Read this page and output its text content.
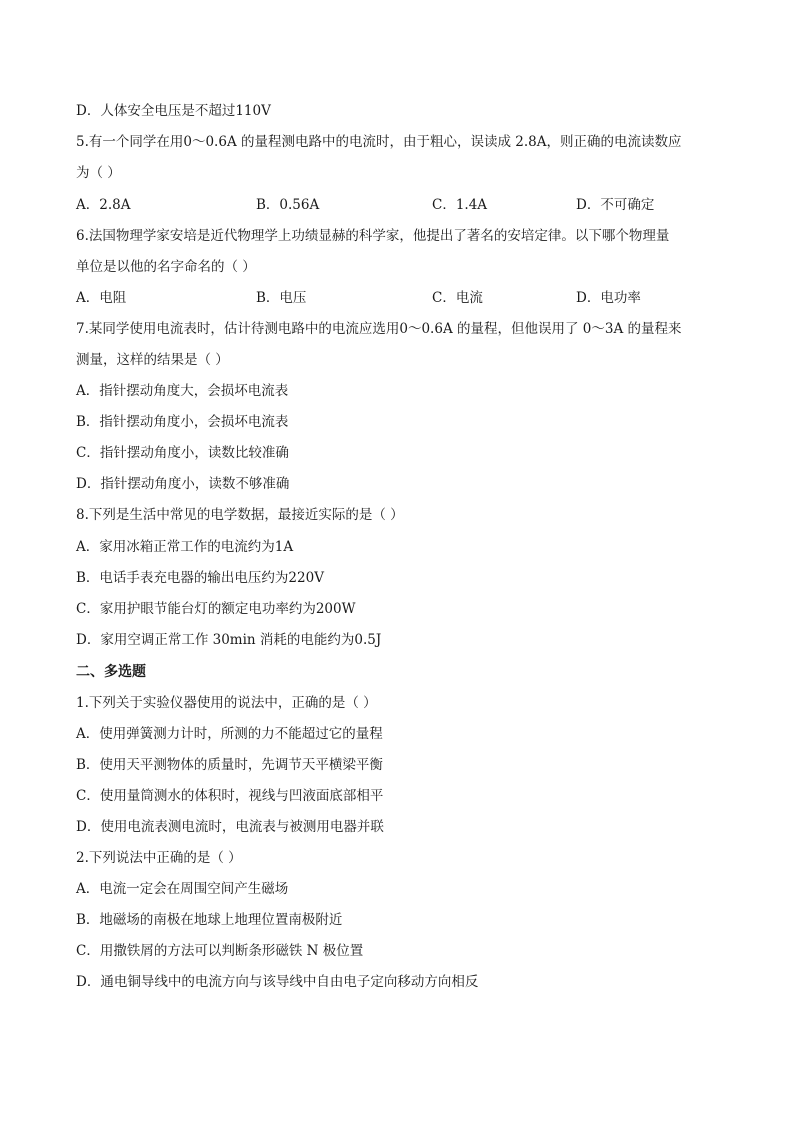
D．人体安全电压是不超过110V
5.有一个同学在用0～0.6A 的量程测电路中的电流时，由于粗心，误读成 2.8A，则正确的电流读数应
为（ ）
A．2.8A	B．0.56A	C．1.4A	D．不可确定
6.法国物理学家安培是近代物理学上功绩显赫的科学家，他提出了著名的安培定律。以下哪个物理量
单位是以他的名字命名的（ ）
A．电阻	B．电压	C．电流	D．电功率
7.某同学使用电流表时，估计待测电路中的电流应选用0～0.6A 的量程，但他误用了 0～3A 的量程来
测量，这样的结果是（ ）
A．指针摆动角度大，会损坏电流表
B．指针摆动角度小，会损坏电流表
C．指针摆动角度小，读数比较准确
D．指针摆动角度小，读数不够准确
8.下列是生活中常见的电学数据，最接近实际的是（ ）
A．家用冰箱正常工作的电流约为1A
B．电话手表充电器的输出电压约为220V
C．家用护眼节能台灯的额定电功率约为200W
D．家用空调正常工作 30min 消耗的电能约为0.5J
二、多选题
1.下列关于实验仪器使用的说法中，正确的是（ ）
A．使用弹簧测力计时，所测的力不能超过它的量程
B．使用天平测物体的质量时，先调节天平横梁平衡
C．使用量筒测水的体积时，视线与凹液面底部相平
D．使用电流表测电流时，电流表与被测用电器并联
2.下列说法中正确的是（ ）
A．电流一定会在周围空间产生磁场
B．地磁场的南极在地球上地理位置南极附近
C．用撒铁屑的方法可以判断条形磁铁 N 极位置
D．通电铜导线中的电流方向与该导线中自由电子定向移动方向相反
